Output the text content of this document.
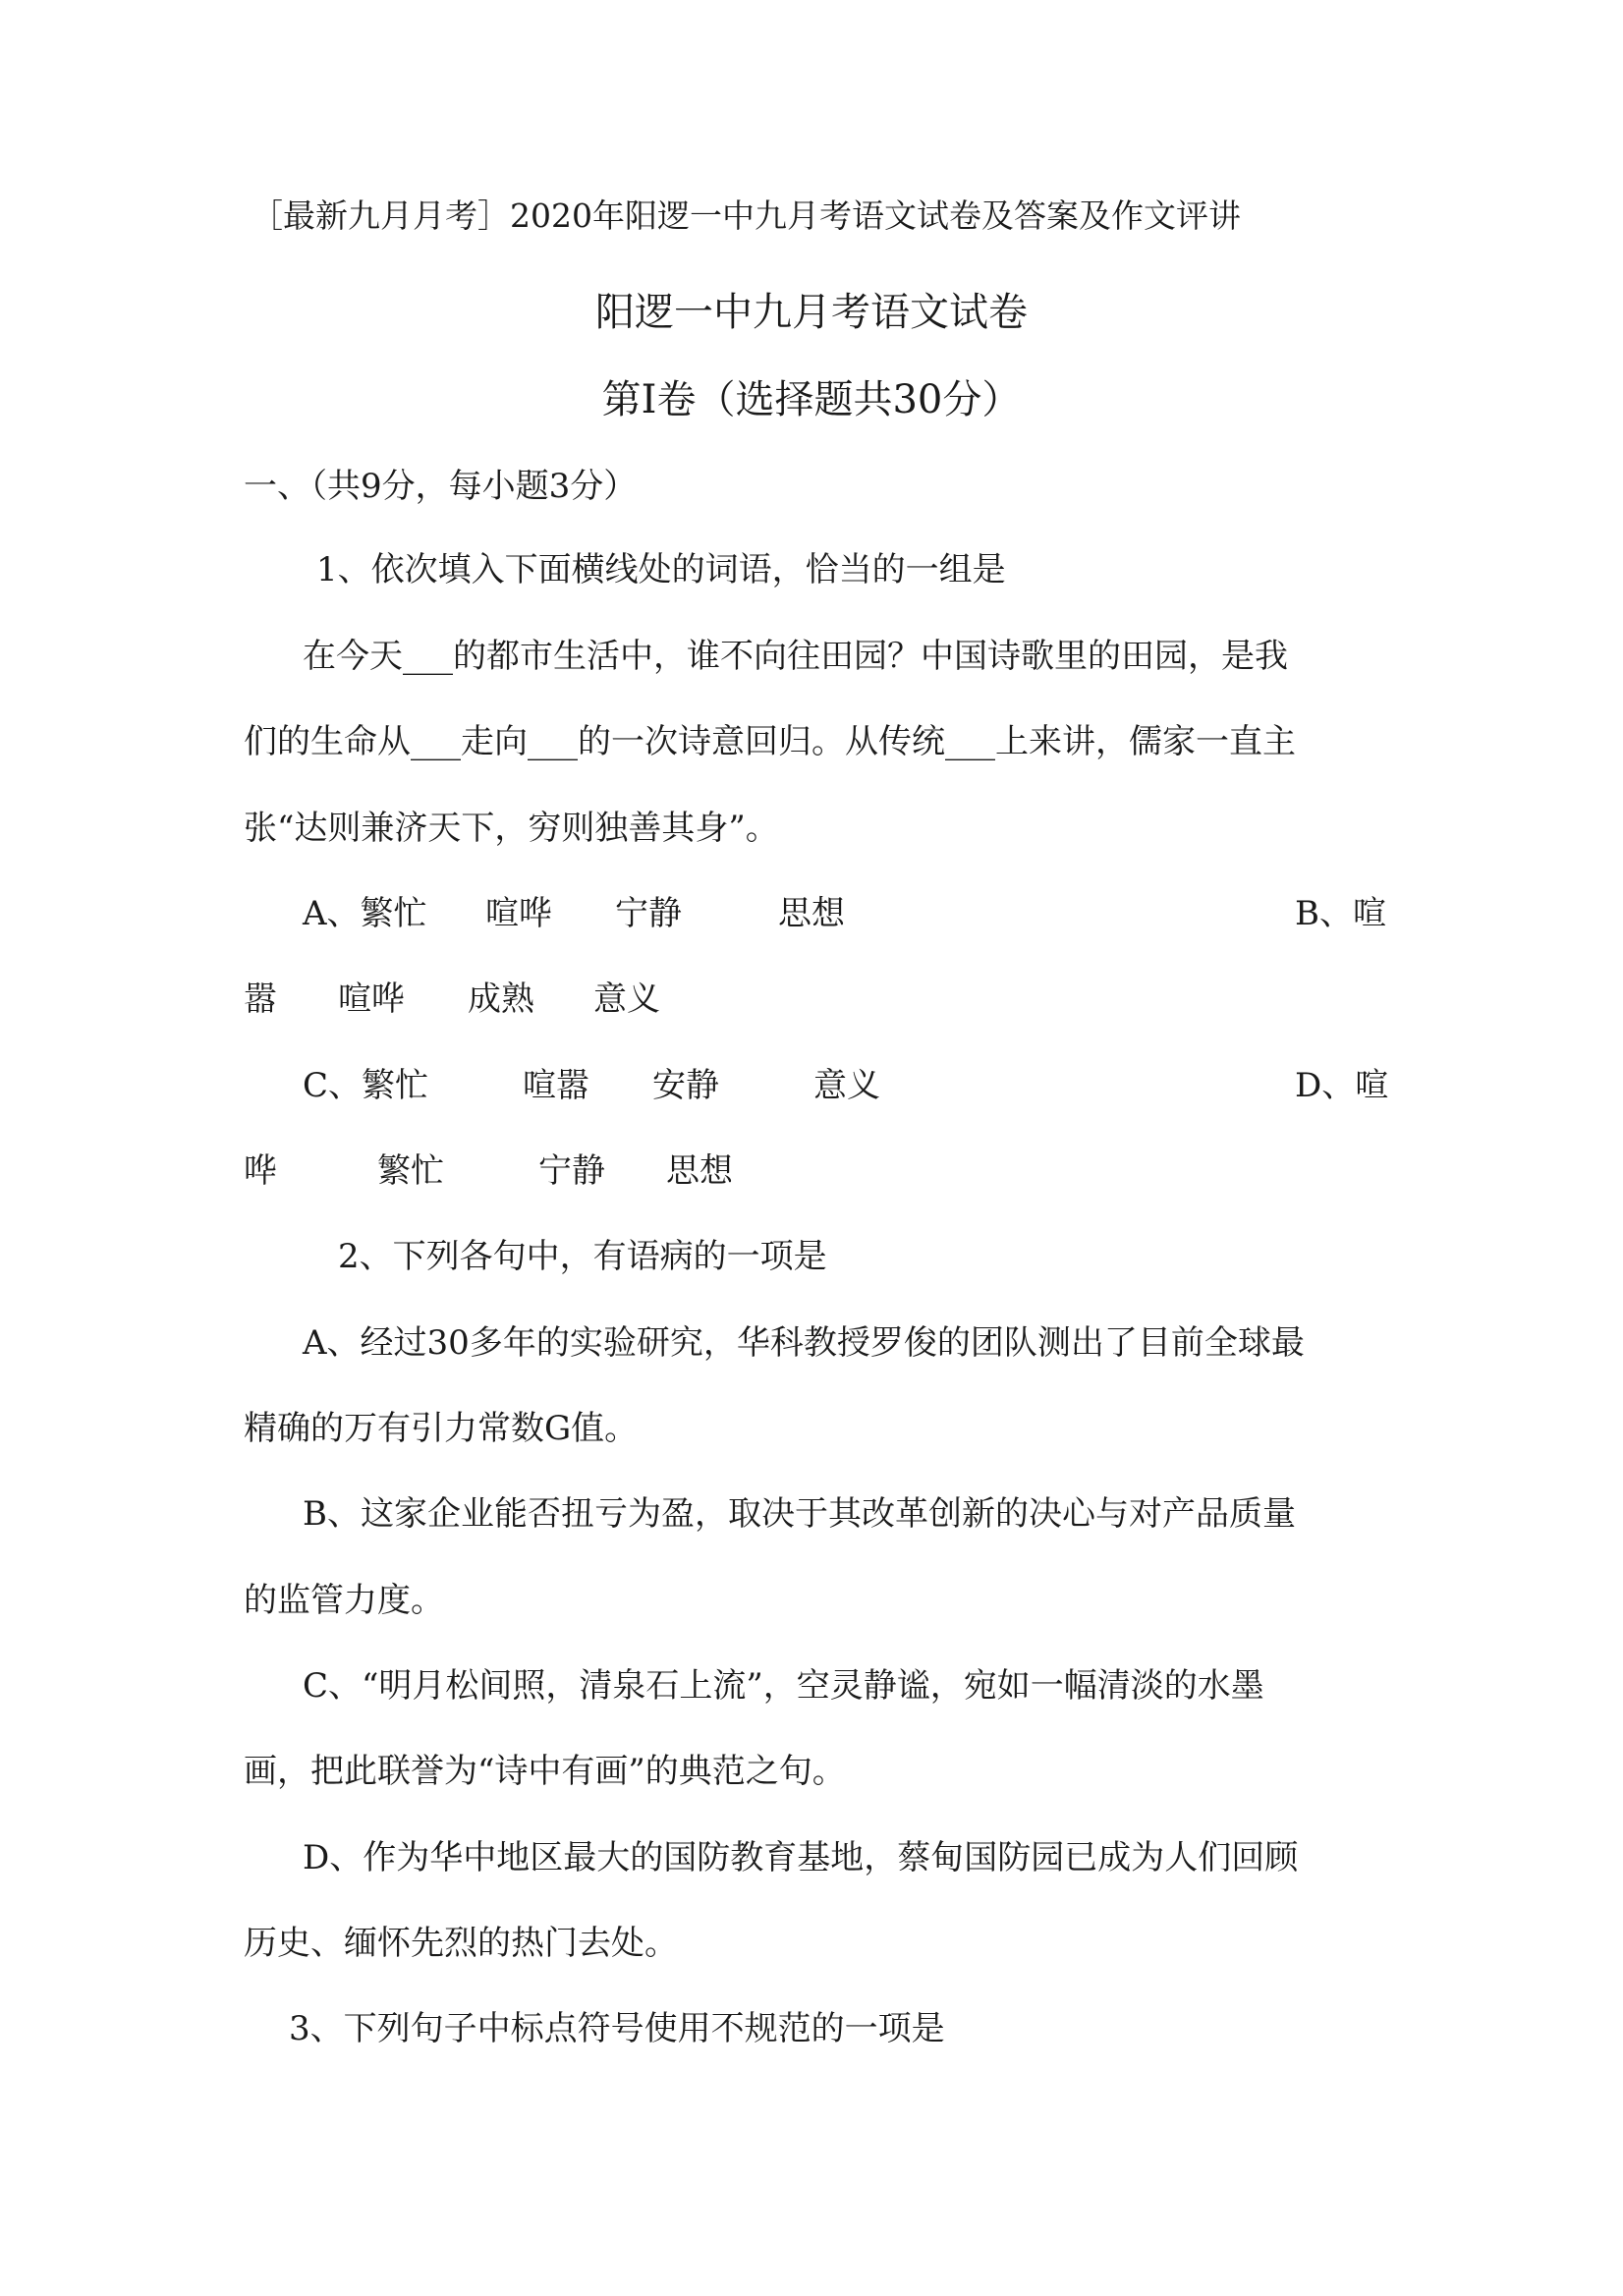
［最新九月月考］2020年阳逻一中九月考语文试卷及答案及作文评讲
阳逻一中九月考语文试卷
第Ⅰ卷（选择题共30分）
一、（共9分，每小题3分）
1、依次填入下面横线处的词语，恰当的一组是
在今天___的都市生活中，谁不向往田园？中国诗歌里的田园，是我
们的生命从___走向___的一次诗意回归。从传统___上来讲，儒家一直主
张“达则兼济天下，穷则独善其身”。
A、繁忙 喧哗 宁静	思想	B、喧
嚣 喧哗 成熟 意义
C、繁忙	喧嚣 安静	意义	D、喧
哗	繁忙	宁静 思想
2、下列各句中，有语病的一项是
A、经过30多年的实验研究，华科教授罗俊的团队测出了目前全球最
精确的万有引力常数G值。
B、这家企业能否扭亏为盈，取决于其改革创新的决心与对产品质量
的监管力度。
C、“明月松间照，清泉石上流”，空灵静谧，宛如一幅清淡的水墨
画，把此联誉为“诗中有画”的典范之句。
D、作为华中地区最大的国防教育基地，蔡甸国防园已成为人们回顾
历史、缅怀先烈的热门去处。
3、下列句子中标点符号使用不规范的一项是
